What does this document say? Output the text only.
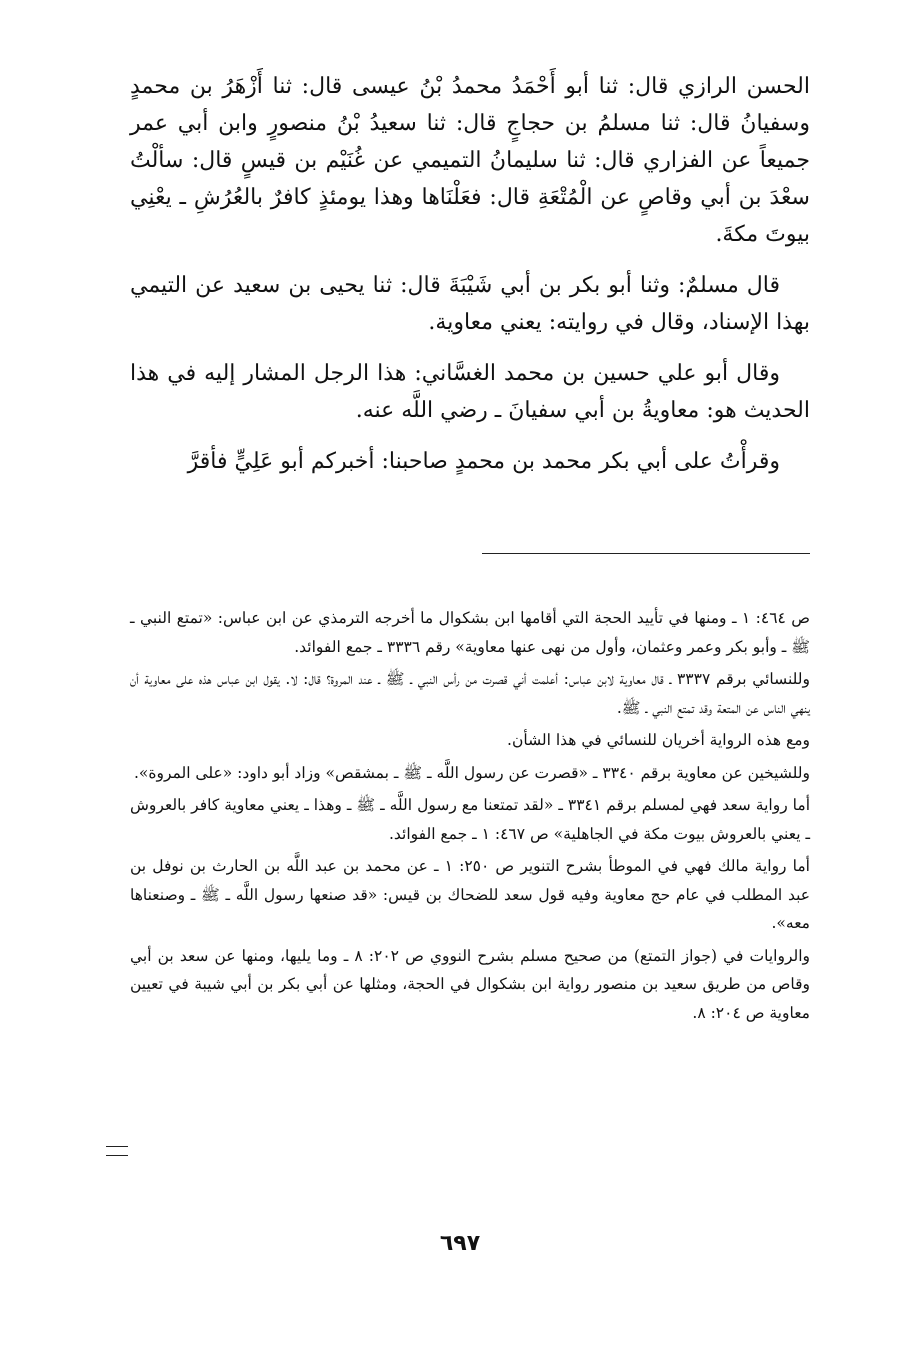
الحسن الرازي قال: ثنا أبو أَحْمَدُ محمدُ بْنُ عيسى قال: ثنا أَزْهَرُ بن محمدٍ وسفيانُ قال: ثنا مسلمُ بن حجاجٍ قال: ثنا سعيدُ بْنُ منصورٍ وابن أبي عمر جميعاً عن الفزاري قال: ثنا سليمانُ التميمي عن غُنَيْم بن قيسٍ قال: سألْتُ سعْدَ بن أبي وقاصٍ عن الْمُتْعَةِ قال: فعَلْنَاها وهذا يومئذٍ كافرٌ بالعُرُشِ ـ يعْنِي بيوتَ مكةَ.

قال مسلمٌ: وثنا أبو بكر بن أبي شَيْبَةَ قال: ثنا يحيى بن سعيد عن التيمي بهذا الإسناد، وقال في روايته: يعني معاوية.

وقال أبو علي حسين بن محمد الغسَّاني: هذا الرجل المشار إليه في هذا الحديث هو: معاويةُ بن أبي سفيانَ ـ رضي اللَّه عنه.

وقرأْتُ على أبي بكر محمد بن محمدٍ صاحبنا: أخبركم أبو عَلِيٍّ فأقرَّ

ص ٤٦٤: ١ ـ ومنها في تأييد الحجة التي أقامها ابن بشكوال ما أخرجه الترمذي عن ابن عباس: «تمتع النبي ـ ﷺ ـ وأبو بكر وعمر وعثمان، وأول من نهى عنها معاوية» رقم ٣٣٣٦ ـ جمع الفوائد.

وللنسائي برقم ٣٣٣٧ ـ قال معاوية لابن عباس: أعلمت أني قصرت من رأس النبي ـ ﷺ ـ عند المروة؟ قال: لا. يقول ابن عباس هذه على معاوية أن ينهي الناس عن المتعة وقد تمتع النبي ـ ﷺ.

ومع هذه الرواية أخريان للنسائي في هذا الشأن.

وللشيخين عن معاوية برقم ٣٣٤٠ ـ «قصرت عن رسول اللَّه ـ ﷺ ـ بمشقص» وزاد أبو داود: «على المروة».

أما رواية سعد فهي لمسلم برقم ٣٣٤١ ـ «لقد تمتعنا مع رسول اللَّه ـ ﷺ ـ وهذا ـ يعني معاوية كافر بالعروش ـ يعني بالعروش بيوت مكة في الجاهلية» ص ٤٦٧: ١ ـ جمع الفوائد.

أما رواية مالك فهي في الموطأ بشرح التنوير ص ٢٥٠: ١ ـ عن محمد بن عبد اللَّه بن الحارث بن نوفل بن عبد المطلب في عام حج معاوية وفيه قول سعد للضحاك بن قيس: «قد صنعها رسول اللَّه ـ ﷺ ـ وصنعناها معه».

والروايات في (جواز التمتع) من صحيح مسلم بشرح النووي ص ٢٠٢: ٨ ـ وما يليها، ومنها عن سعد بن أبي وقاص من طريق سعيد بن منصور رواية ابن بشكوال في الحجة، ومثلها عن أبي بكر بن أبي شيبة في تعيين معاوية ص ٢٠٤: ٨.

٦٩٧
